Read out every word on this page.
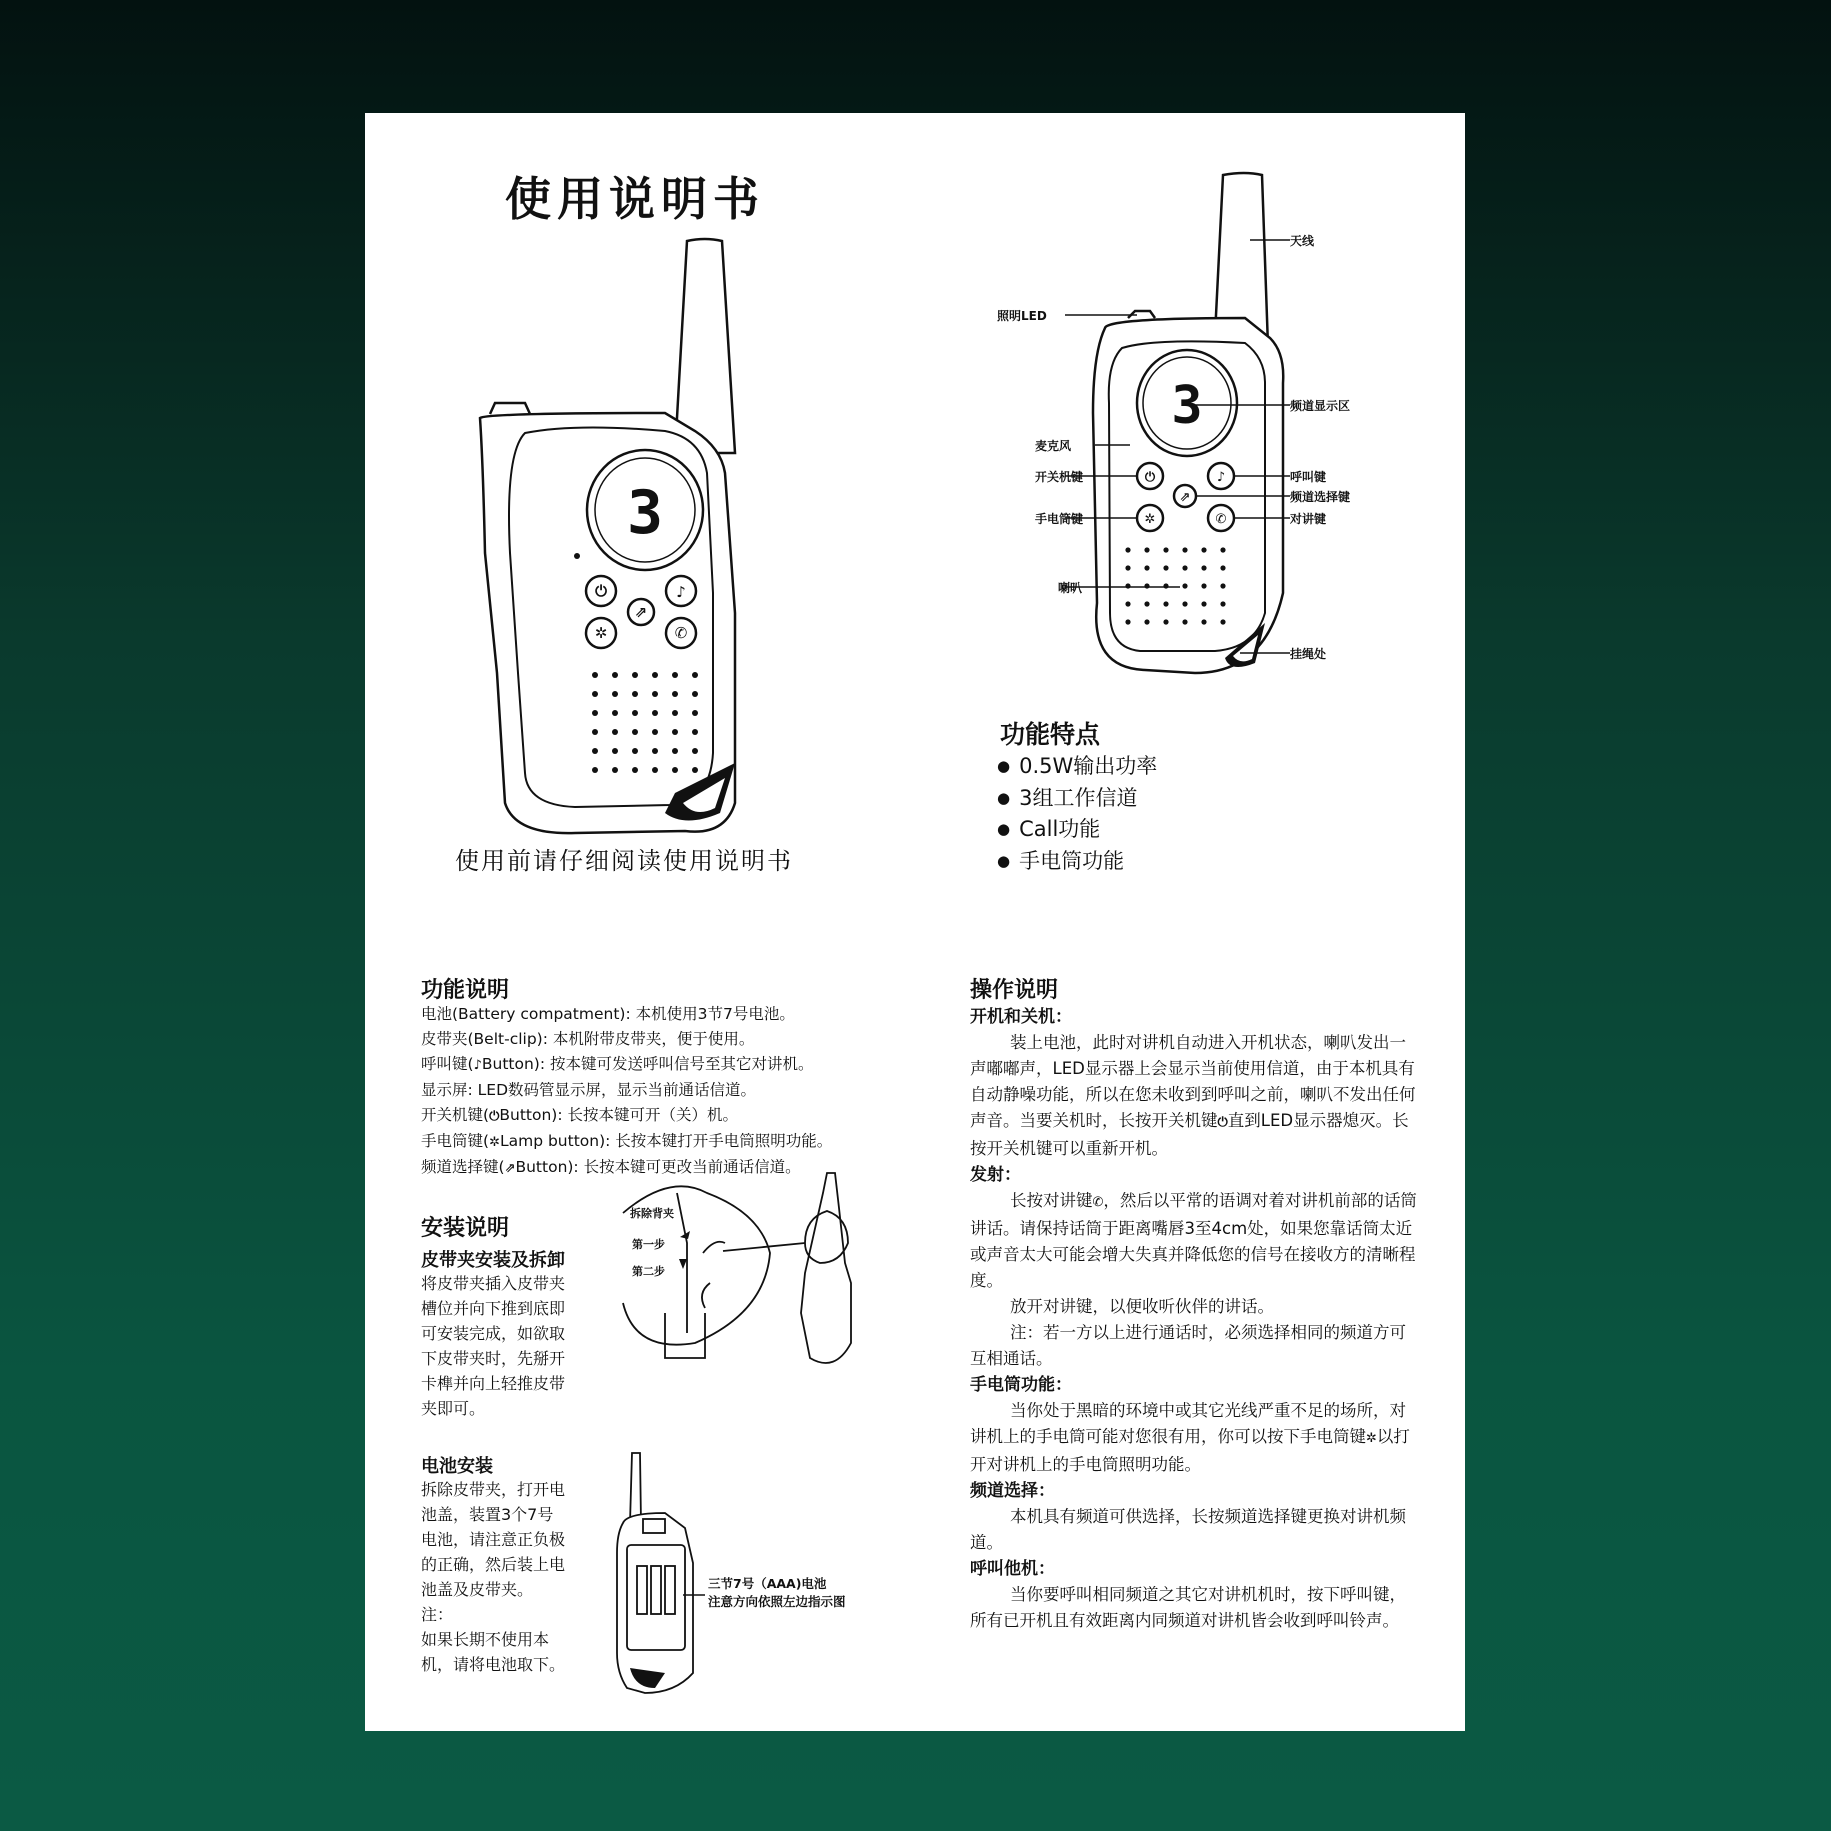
使用说明书
3
⏻	♪
⇗
✲	✆
使用前请仔细阅读使用说明书
3
⏻	♪
⇗
✲	✆
天线
照明LED
频道显示区
麦克风
开关机键	呼叫键
频道选择键
手电筒键	对讲键
喇叭
挂绳处
功能特点
● 0.5W输出功率
● 3组工作信道
● Call功能
● 手电筒功能
功能说明
电池(Battery compatment): 本机使用3节7号电池。
皮带夹(Belt-clip): 本机附带皮带夹，便于使用。
呼叫键(♪Button): 按本键可发送呼叫信号至其它对讲机。
显示屏: LED数码管显示屏，显示当前通话信道。
开关机键(⏻Button): 长按本键可开（关）机。
手电筒键(✲Lamp button): 长按本键打开手电筒照明功能。
频道选择键(⇗Button): 长按本键可更改当前通话信道。
安装说明
皮带夹安装及拆卸

将皮带夹插入皮带夹

槽位并向下推到底即

可安装完成，如欲取

下皮带夹时，先掰开

卡榫并向上轻推皮带

夹即可。

拆除背夹
第一步
第二步
电池安装

拆除皮带夹，打开电

池盖，装置3个7号

电池，请注意正负极

的正确，然后装上电

池盖及皮带夹。

注：

如果长期不使用本

机，请将电池取下。

三节7号（AAA)电池
注意方向依照左边指示图
操作说明
开机和关机：
装上电池，此时对讲机自动进入开机状态，喇叭发出一声嘟嘟声，LED显示器上会显示当前使用信道，由于本机具有自动静噪功能，所以在您未收到到呼叫之前，喇叭不发出任何声音。当要关机时，长按开关机键⏻直到LED显示器熄灭。长按开关机键可以重新开机。
发射：
长按对讲键✆，然后以平常的语调对着对讲机前部的话筒讲话。请保持话筒于距离嘴唇3至4cm处，如果您靠话筒太近或声音太大可能会增大失真并降低您的信号在接收方的清晰程度。
放开对讲键，以便收听伙伴的讲话。
注：若一方以上进行通话时，必须选择相同的频道方可互相通话。
手电筒功能：
当你处于黑暗的环境中或其它光线严重不足的场所，对讲机上的手电筒可能对您很有用，你可以按下手电筒键✲以打开对讲机上的手电筒照明功能。
频道选择：
本机具有频道可供选择，长按频道选择键更换对讲机频道。
呼叫他机：
当你要呼叫相同频道之其它对讲机机时，按下呼叫键，所有已开机且有效距离内同频道对讲机皆会收到呼叫铃声。
